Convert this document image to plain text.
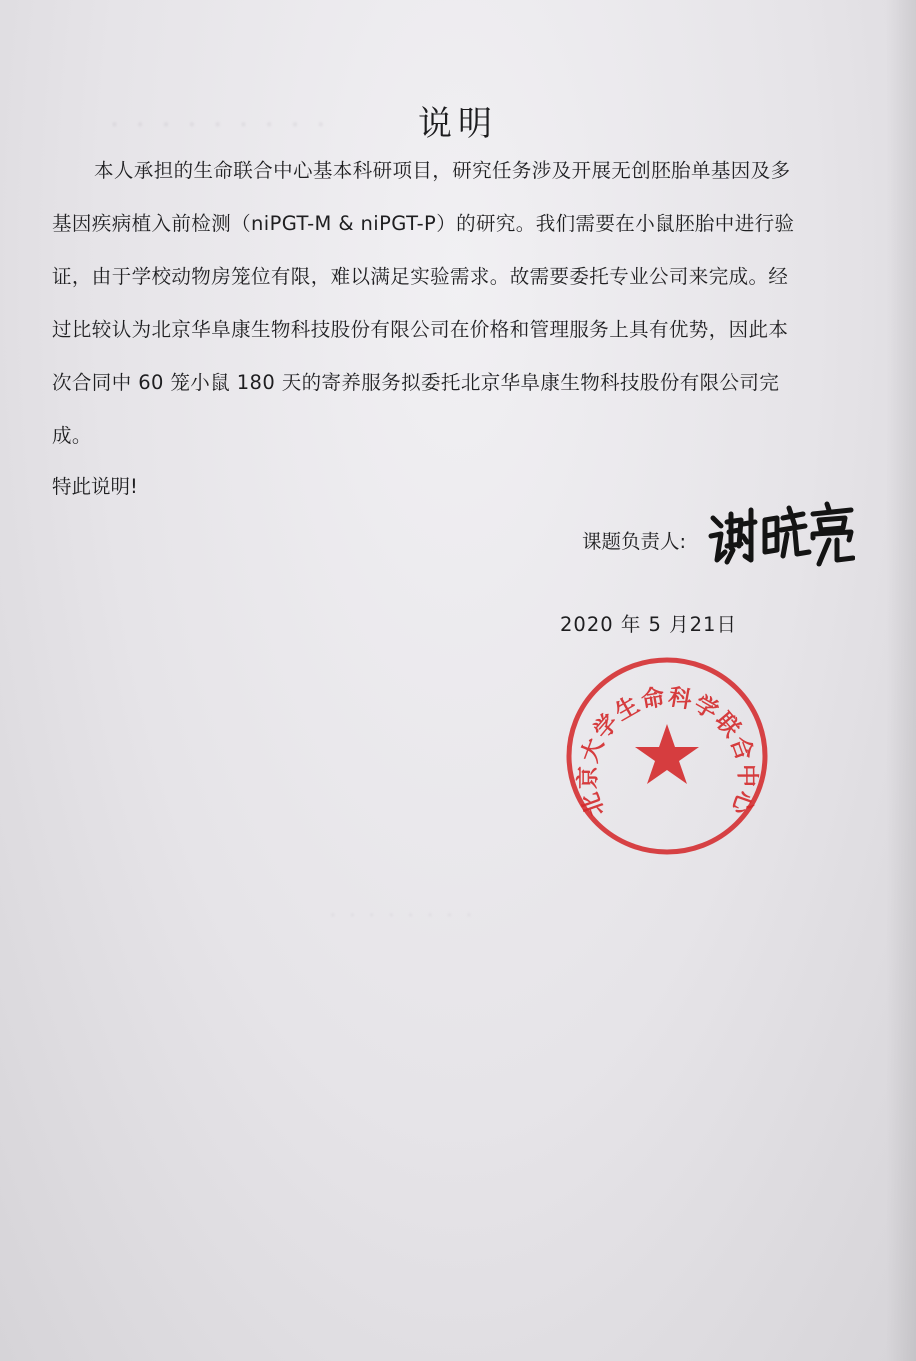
· · · · · · · · ·
· · · · · · · ·
说明

本人承担的生命联合中心基本科研项目，研究任务涉及开展无创胚胎单基因及多基因疾病植入前检测（niPGT-M & niPGT-P）的研究。我们需要在小鼠胚胎中进行验证，由于学校动物房笼位有限，难以满足实验需求。故需要委托专业公司来完成。经过比较认为北京华阜康生物科技股份有限公司在价格和管理服务上具有优势，因此本次合同中 60 笼小鼠 180 天的寄养服务拟委托北京华阜康生物科技股份有限公司完成。

特此说明!
课题负责人:
2020 年 5 月21日
北京大学生命科学联合中心
